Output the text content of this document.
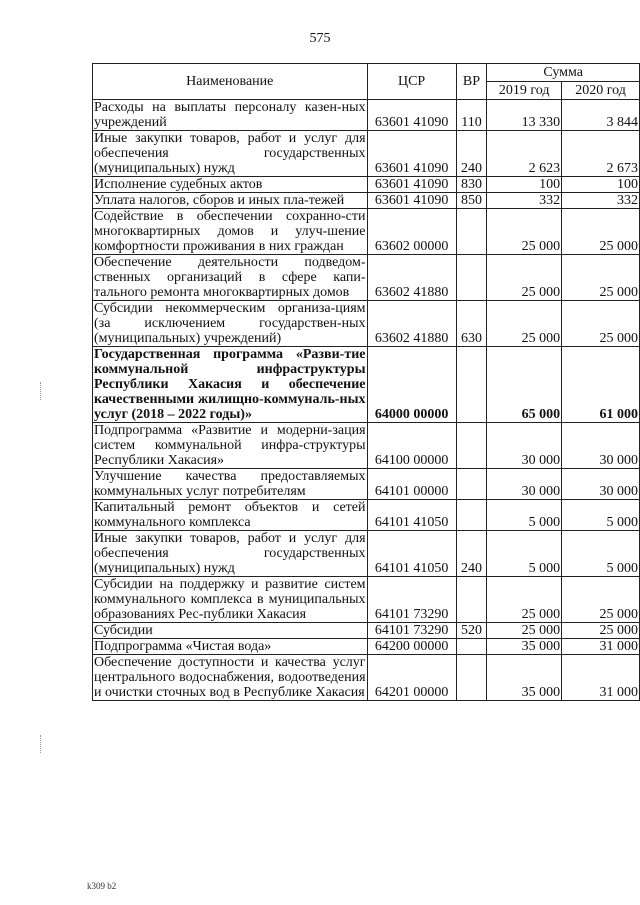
575
Наименование	ЦСР	ВР	Сумма	
			2019 год	2020 год
Расходы на выплаты персоналу казен-ных учреждений	63601 41090	110	13 330	3 844
Иные закупки товаров, работ и услуг для обеспечения государственных (муниципальных) нужд	63601 41090	240	2 623	2 673
Исполнение судебных актов	63601 41090	830	100	100
Уплата налогов, сборов и иных пла-тежей	63601 41090	850	332	332
Содействие в обеспечении сохранно-сти многоквартирных домов и улуч-шение комфортности проживания в них граждан	63602 00000		25 000	25 000
Обеспечение деятельности подведом-ственных организаций в сфере капи-тального ремонта многоквартирных домов	63602 41880		25 000	25 000
Субсидии некоммерческим организа-циям (за исключением государствен-ных (муниципальных) учреждений)	63602 41880	630	25 000	25 000
Государственная программа «Разви-тие коммунальной инфраструктуры Республики Хакасия и обеспечение качественными жилищно-коммуналь-ных услуг (2018 – 2022 годы)»	64000 00000		65 000	61 000
Подпрограмма «Развитие и модерни-зация систем коммунальной инфра-структуры Республики Хакасия»	64100 00000		30 000	30 000
Улучшение качества предоставляемых коммунальных услуг потребителям	64101 00000		30 000	30 000
Капитальный ремонт объектов и сетей коммунального комплекса	64101 41050		5 000	5 000
Иные закупки товаров, работ и услуг для обеспечения государственных (муниципальных) нужд	64101 41050	240	5 000	5 000
Субсидии на поддержку и развитие систем коммунального комплекса в муниципальных образованиях Рес-публики Хакасия	64101 73290		25 000	25 000
Субсидии	64101 73290	520	25 000	25 000
Подпрограмма «Чистая вода»	64200 00000		35 000	31 000
Обеспечение доступности и качества услуг центрального водоснабжения, водоотведения и очистки сточных вод в Республике Хакасия	64201 00000		35 000	31 000
k309 b2
